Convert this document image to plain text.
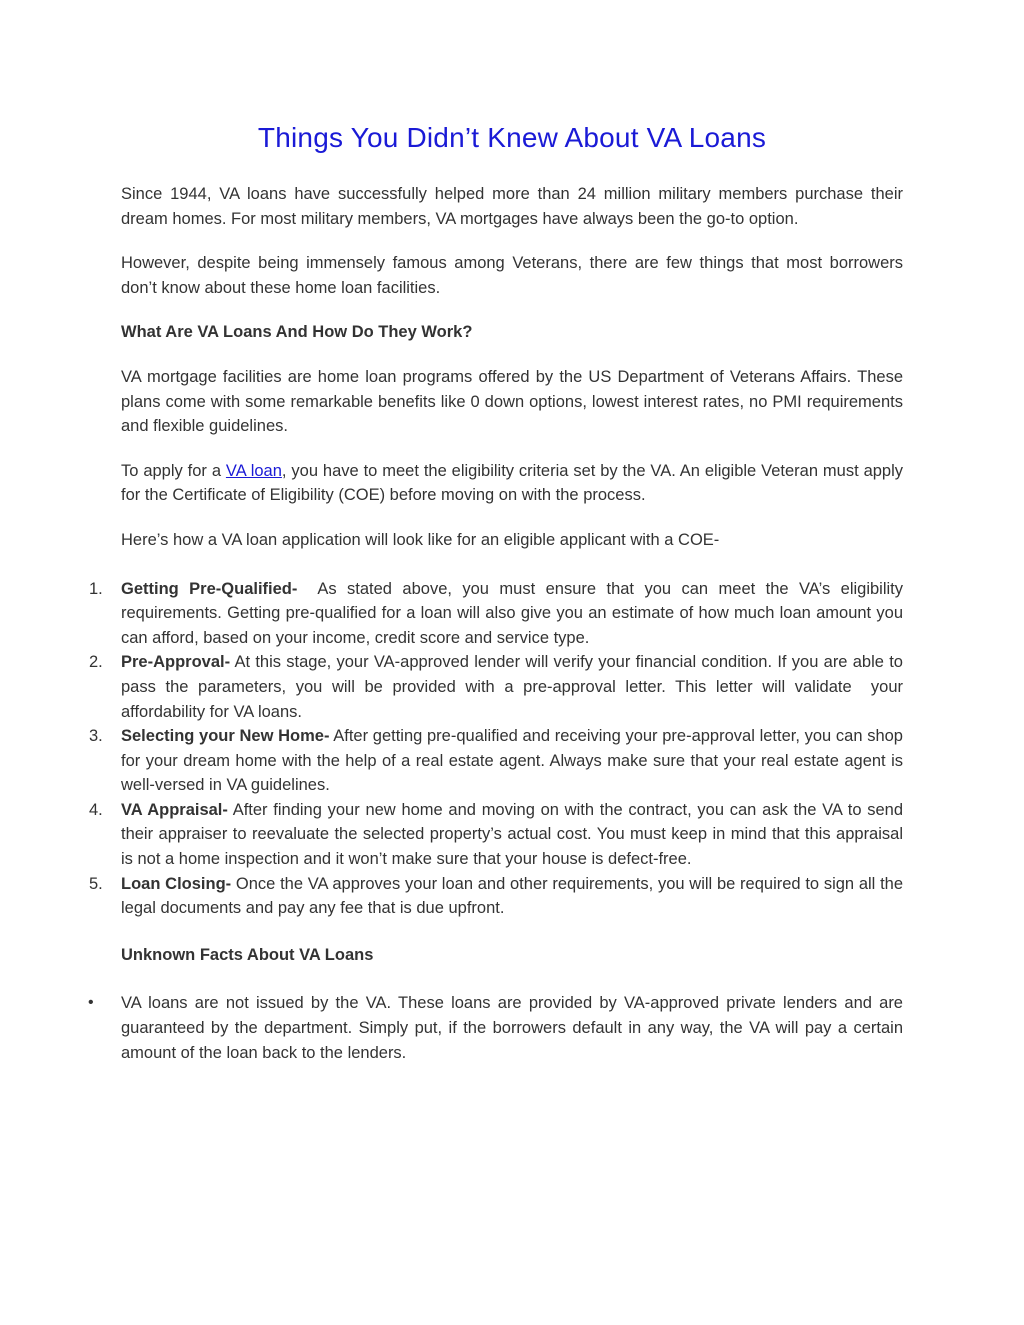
Things You Didn’t Knew About VA Loans

Since 1944, VA loans have successfully helped more than 24 million military members purchase their dream homes. For most military members, VA mortgages have always been the go-to option.

However, despite being immensely famous among Veterans, there are few things that most borrowers don’t know about these home loan facilities.

What Are VA Loans And How Do They Work?

VA mortgage facilities are home loan programs offered by the US Department of Veterans Affairs. These plans come with some remarkable benefits like 0 down options, lowest interest rates, no PMI requirements and flexible guidelines.

To apply for a VA loan, you have to meet the eligibility criteria set by the VA. An eligible Veteran must apply for the Certificate of Eligibility (COE) before moving on with the process.

Here’s how a VA loan application will look like for an eligible applicant with a COE-

1.	Getting Pre-Qualified-  As stated above, you must ensure that you can meet the VA’s eligibility requirements. Getting pre-qualified for a loan will also give you an estimate of how much loan amount you can afford, based on your income, credit score and service type.
2.	Pre-Approval- At this stage, your VA-approved lender will verify your financial condition. If you are able to pass the parameters, you will be provided with a pre-approval letter. This letter will validate  your affordability for VA loans.
3.	Selecting your New Home- After getting pre-qualified and receiving your pre-approval letter, you can shop for your dream home with the help of a real estate agent. Always make sure that your real estate agent is well-versed in VA guidelines.
4.	VA Appraisal- After finding your new home and moving on with the contract, you can ask the VA to send their appraiser to reevaluate the selected property’s actual cost. You must keep in mind that this appraisal is not a home inspection and it won’t make sure that your house is defect-free.
5.	Loan Closing- Once the VA approves your loan and other requirements, you will be required to sign all the legal documents and pay any fee that is due upfront.
Unknown Facts About VA Loans
• VA loans are not issued by the VA. These loans are provided by VA-approved private lenders and are guaranteed by the department. Simply put, if the borrowers default in any way, the VA will pay a certain amount of the loan back to the lenders.
